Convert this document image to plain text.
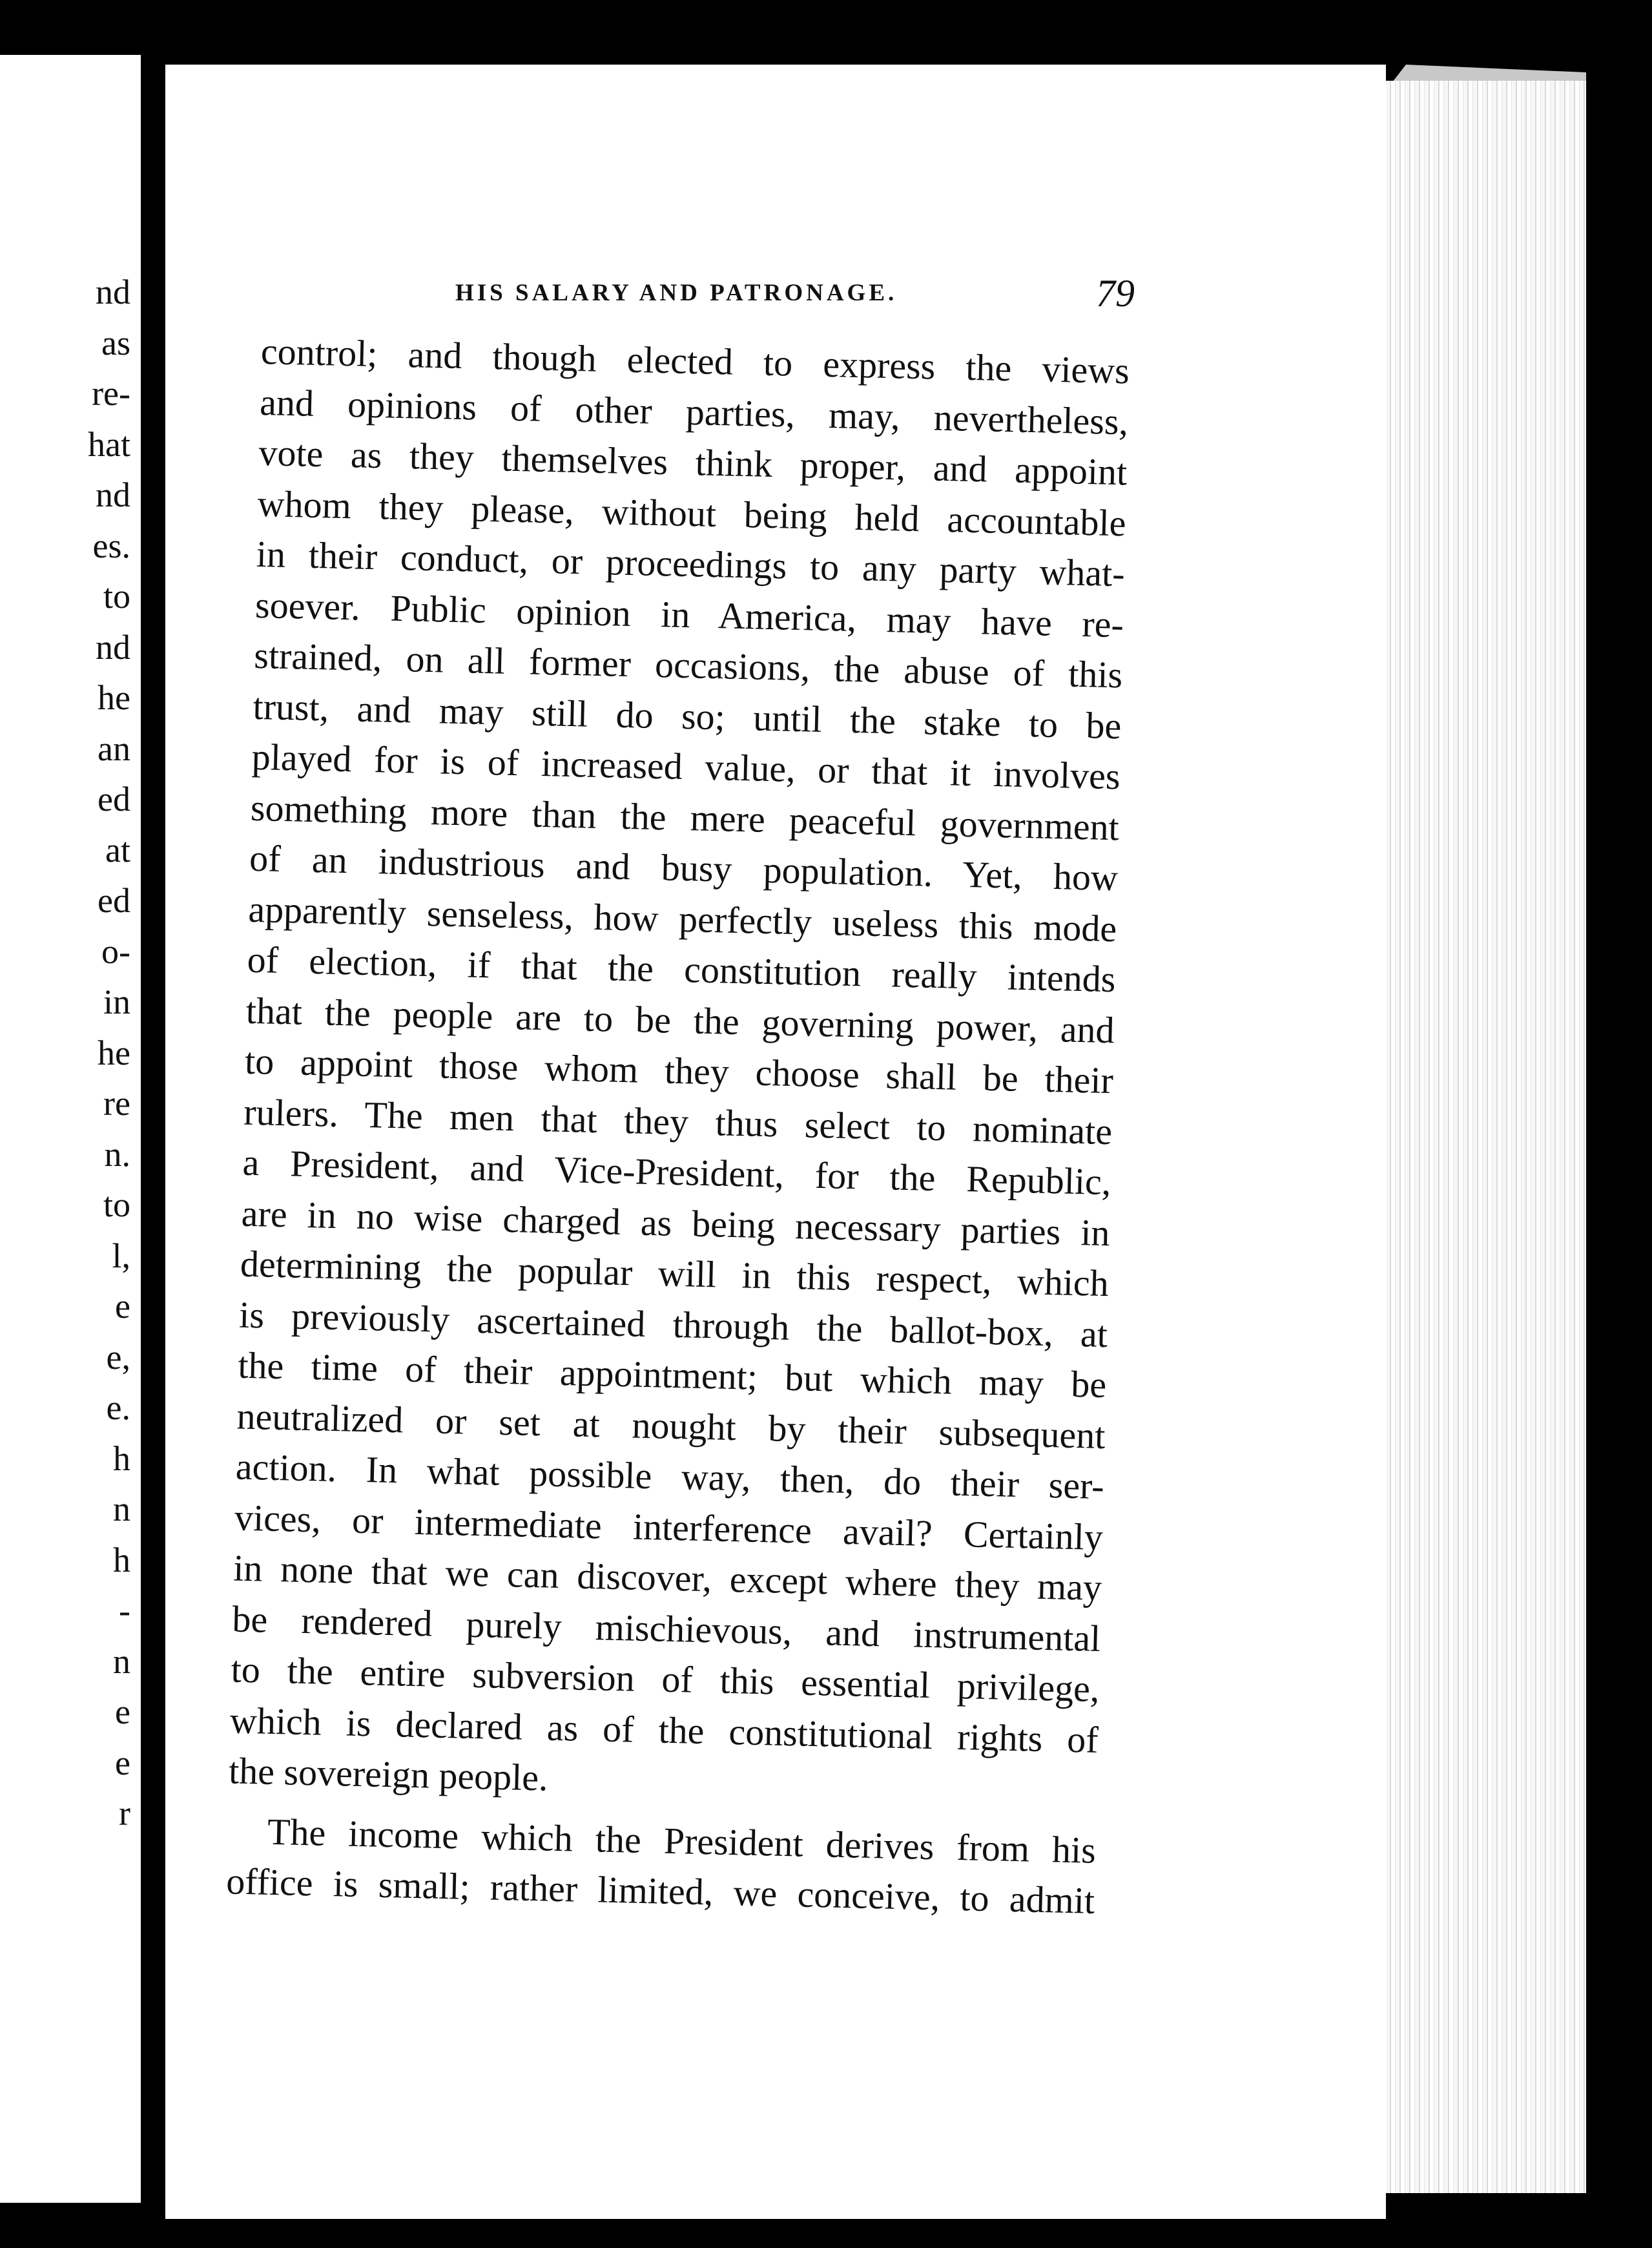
nd
as
re-
hat
nd
es.
to
nd
he
an
ed
at
ed
o-
in
he
re
n.
to
l,
e
e,
e.
h
n
h
-
n
e
e
r
HIS SALARY AND PATRONAGE.	79
control; and though elected to express the views
and opinions of other parties, may, nevertheless,
vote as they themselves think proper, and appoint
whom they please, without being held accountable
in their conduct, or proceedings to any party what-
soever. Public opinion in America, may have re-
strained, on all former occasions, the abuse of this
trust, and may still do so; until the stake to be
played for is of increased value, or that it involves
something more than the mere peaceful government
of an industrious and busy population. Yet, how
apparently senseless, how perfectly useless this mode
of election, if that the constitution really intends
that the people are to be the governing power, and
to appoint those whom they choose shall be their
rulers. The men that they thus select to nominate
a President, and Vice-President, for the Republic,
are in no wise charged as being necessary parties in
determining the popular will in this respect, which
is previously ascertained through the ballot-box, at
the time of their appointment; but which may be
neutralized or set at nought by their subsequent
action. In what possible way, then, do their ser-
vices, or intermediate interference avail? Certainly
in none that we can discover, except where they may
be rendered purely mischievous, and instrumental
to the entire subversion of this essential privilege,
which is declared as of the constitutional rights of
the sovereign people.
The income which the President derives from his
office is small; rather limited, we conceive, to admit
